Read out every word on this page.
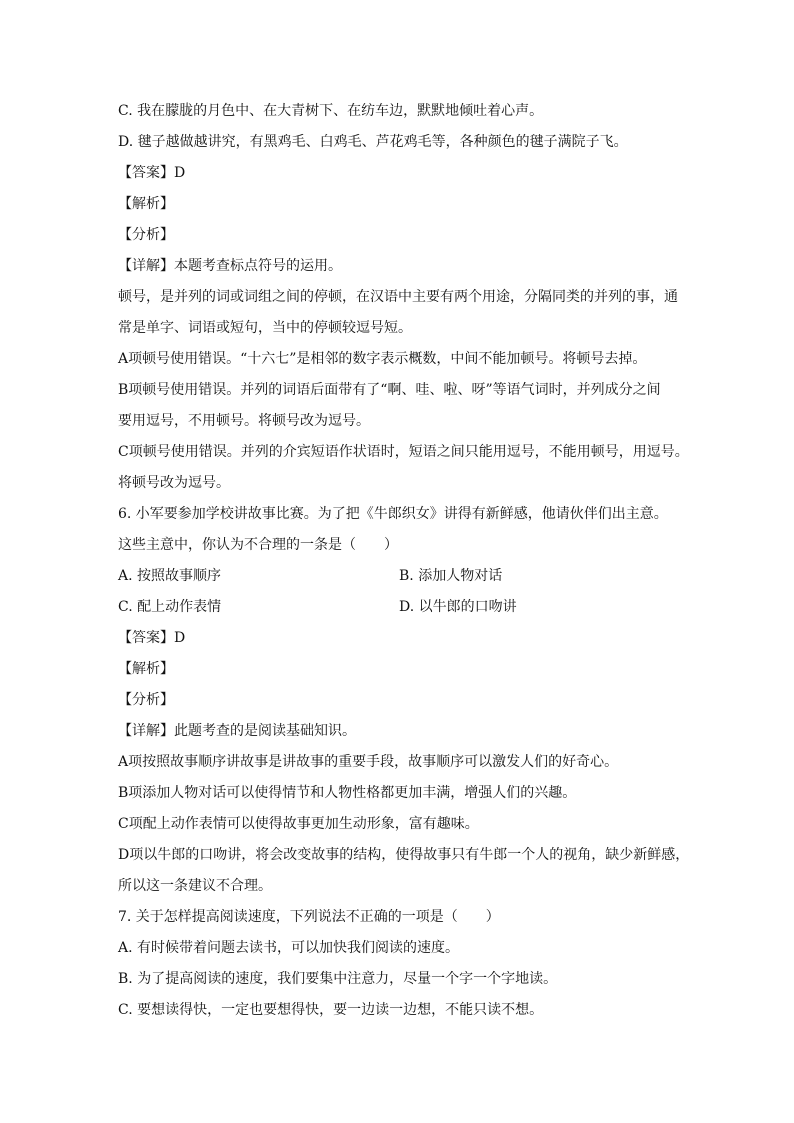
C. 我在朦胧的月色中、在大青树下、在纺车边，默默地倾吐着心声。
D. 毽子越做越讲究，有黑鸡毛、白鸡毛、芦花鸡毛等，各种颜色的毽子满院子飞。
【答案】D
【解析】
【分析】
【详解】本题考查标点符号的运用。
顿号，是并列的词或词组之间的停顿，在汉语中主要有两个用途，分隔同类的并列的事，通
常是单字、词语或短句，当中的停顿较逗号短。
A项顿号使用错误。“十六七”是相邻的数字表示概数，中间不能加顿号。将顿号去掉。
B项顿号使用错误。并列的词语后面带有了“啊、哇、啦、呀”等语气词时，并列成分之间
要用逗号，不用顿号。将顿号改为逗号。
C项顿号使用错误。并列的介宾短语作状语时，短语之间只能用逗号，不能用顿号，用逗号。
将顿号改为逗号。
6. 小军要参加学校讲故事比赛。为了把《牛郎织女》讲得有新鲜感，他请伙伴们出主意。
这些主意中，你认为不合理的一条是（　　）
A. 按照故事顺序	B. 添加人物对话
C. 配上动作表情	D. 以牛郎的口吻讲
【答案】D
【解析】
【分析】
【详解】此题考查的是阅读基础知识。
A项按照故事顺序讲故事是讲故事的重要手段，故事顺序可以激发人们的好奇心。
B项添加人物对话可以使得情节和人物性格都更加丰满，增强人们的兴趣。
C项配上动作表情可以使得故事更加生动形象，富有趣味。
D项以牛郎的口吻讲，将会改变故事的结构，使得故事只有牛郎一个人的视角，缺少新鲜感，
所以这一条建议不合理。
7. 关于怎样提高阅读速度，下列说法不正确的一项是（　　）
A. 有时候带着问题去读书，可以加快我们阅读的速度。
B. 为了提高阅读的速度，我们要集中注意力，尽量一个字一个字地读。
C. 要想读得快，一定也要想得快，要一边读一边想，不能只读不想。
